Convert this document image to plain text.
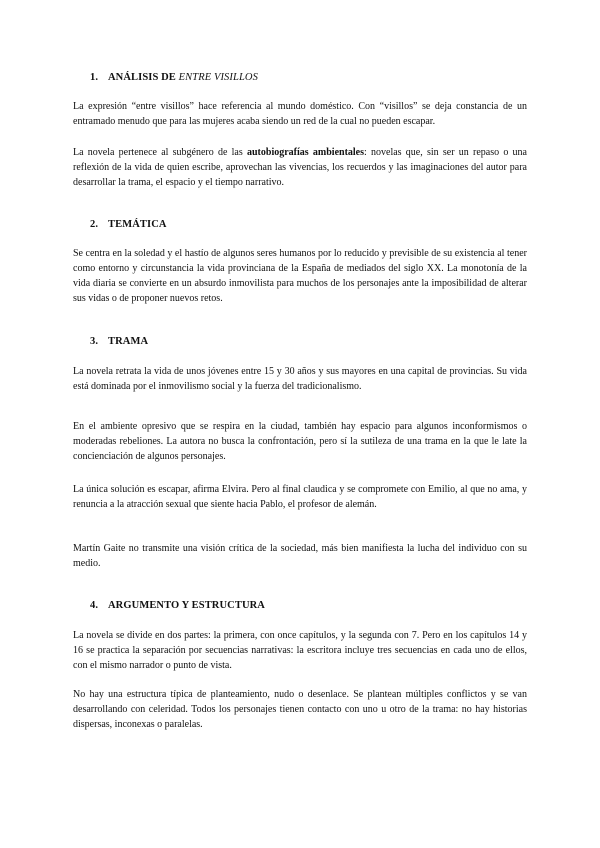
1. ANÁLISIS DE ENTRE VISILLOS

La expresión “entre visillos” hace referencia al mundo doméstico. Con “visillos” se deja constancia de un entramado menudo que para las mujeres acaba siendo un red de la cual no pueden escapar.

La novela pertenece al subgénero de las autobiografías ambientales: novelas que, sin ser un repaso o una reflexión de la vida de quien escribe, aprovechan las vivencias, los recuerdos y las imaginaciones del autor para desarrollar la trama, el espacio y el tiempo narrativo.

2. TEMÁTICA

Se centra en la soledad y el hastío de algunos seres humanos por lo reducido y previsible de su existencia al tener como entorno y circunstancia la vida provinciana de la España de mediados del siglo XX. La monotonía de la vida diaria se convierte en un absurdo inmovilista para muchos de los personajes ante la imposibilidad de alterar sus vidas o de proponer nuevos retos.

3. TRAMA

La novela retrata la vida de unos jóvenes entre 15 y 30 años y sus mayores en una capital de provincias. Su vida está dominada por el inmovilismo social y la fuerza del tradicionalismo.

En el ambiente opresivo que se respira en la ciudad, también hay espacio para algunos inconformismos o moderadas rebeliones. La autora no busca la confrontación, pero sí la sutileza de una trama en la que le late la concienciación de algunos personajes.

La única solución es escapar, afirma Elvira. Pero al final claudica y se compromete con Emilio, al que no ama, y renuncia a la atracción sexual que siente hacia Pablo, el profesor de alemán.

Martín Gaite no transmite una visión crítica de la sociedad, más bien manifiesta la lucha del individuo con su medio.

4. ARGUMENTO Y ESTRUCTURA

La novela se divide en dos partes: la primera, con once capítulos, y la segunda con 7. Pero en los capítulos 14 y 16 se practica la separación por secuencias narrativas: la escritora incluye tres secuencias en cada uno de ellos, con el mismo narrador o punto de vista.

No hay una estructura típica de planteamiento, nudo o desenlace. Se plantean múltiples conflictos y se van desarrollando con celeridad. Todos los personajes tienen contacto con uno u otro de la trama: no hay historias dispersas, inconexas o paralelas.
